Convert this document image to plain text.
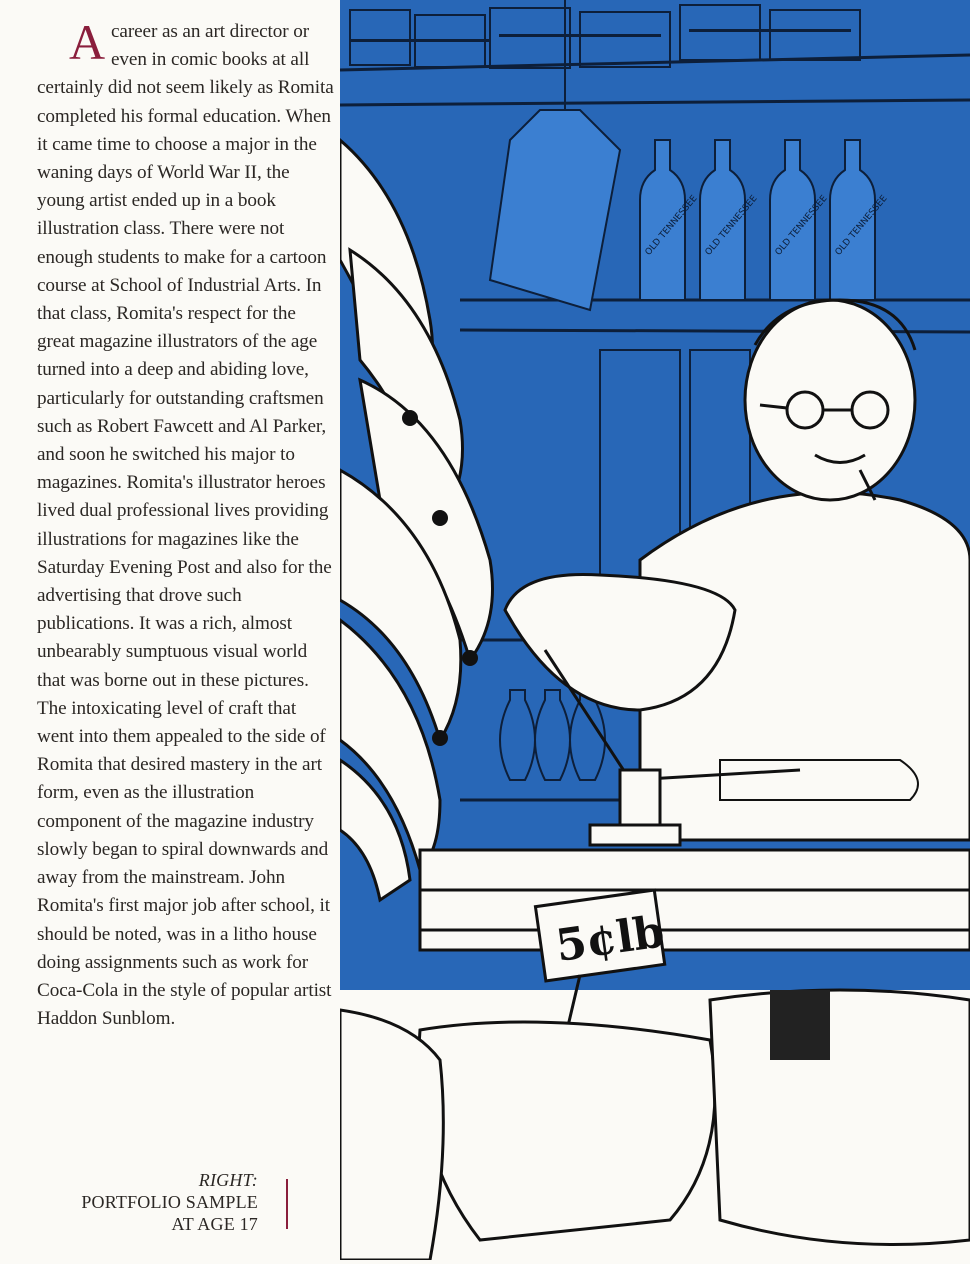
A career as an art director or even in comic books at all certainly did not seem likely as Romita completed his formal education. When it came time to choose a major in the waning days of World War II, the young artist ended up in a book illustration class. There were not enough students to make for a cartoon course at School of Industrial Arts. In that class, Romita's respect for the great magazine illustrators of the age turned into a deep and abiding love, particularly for outstanding craftsmen such as Robert Fawcett and Al Parker, and soon he switched his major to magazines. Romita's illustrator heroes lived dual professional lives providing illustrations for magazines like the Saturday Evening Post and also for the advertising that drove such publications. It was a rich, almost unbearably sumptuous visual world that was borne out in these pictures. The intoxicating level of craft that went into them appealed to the side of Romita that desired mastery in the art form, even as the illustration component of the magazine industry slowly began to spiral downwards and away from the mainstream. John Romita's first major job after school, it should be noted, was in a litho house doing assignments such as work for Coca-Cola in the style of popular artist Haddon Sunblom.

RIGHT:
PORTFOLIO SAMPLE
AT AGE 17
OLD TENNESSEE OLD TENNESSEE OLD TENNESSEE OLD TENNESSEE
5¢lb
